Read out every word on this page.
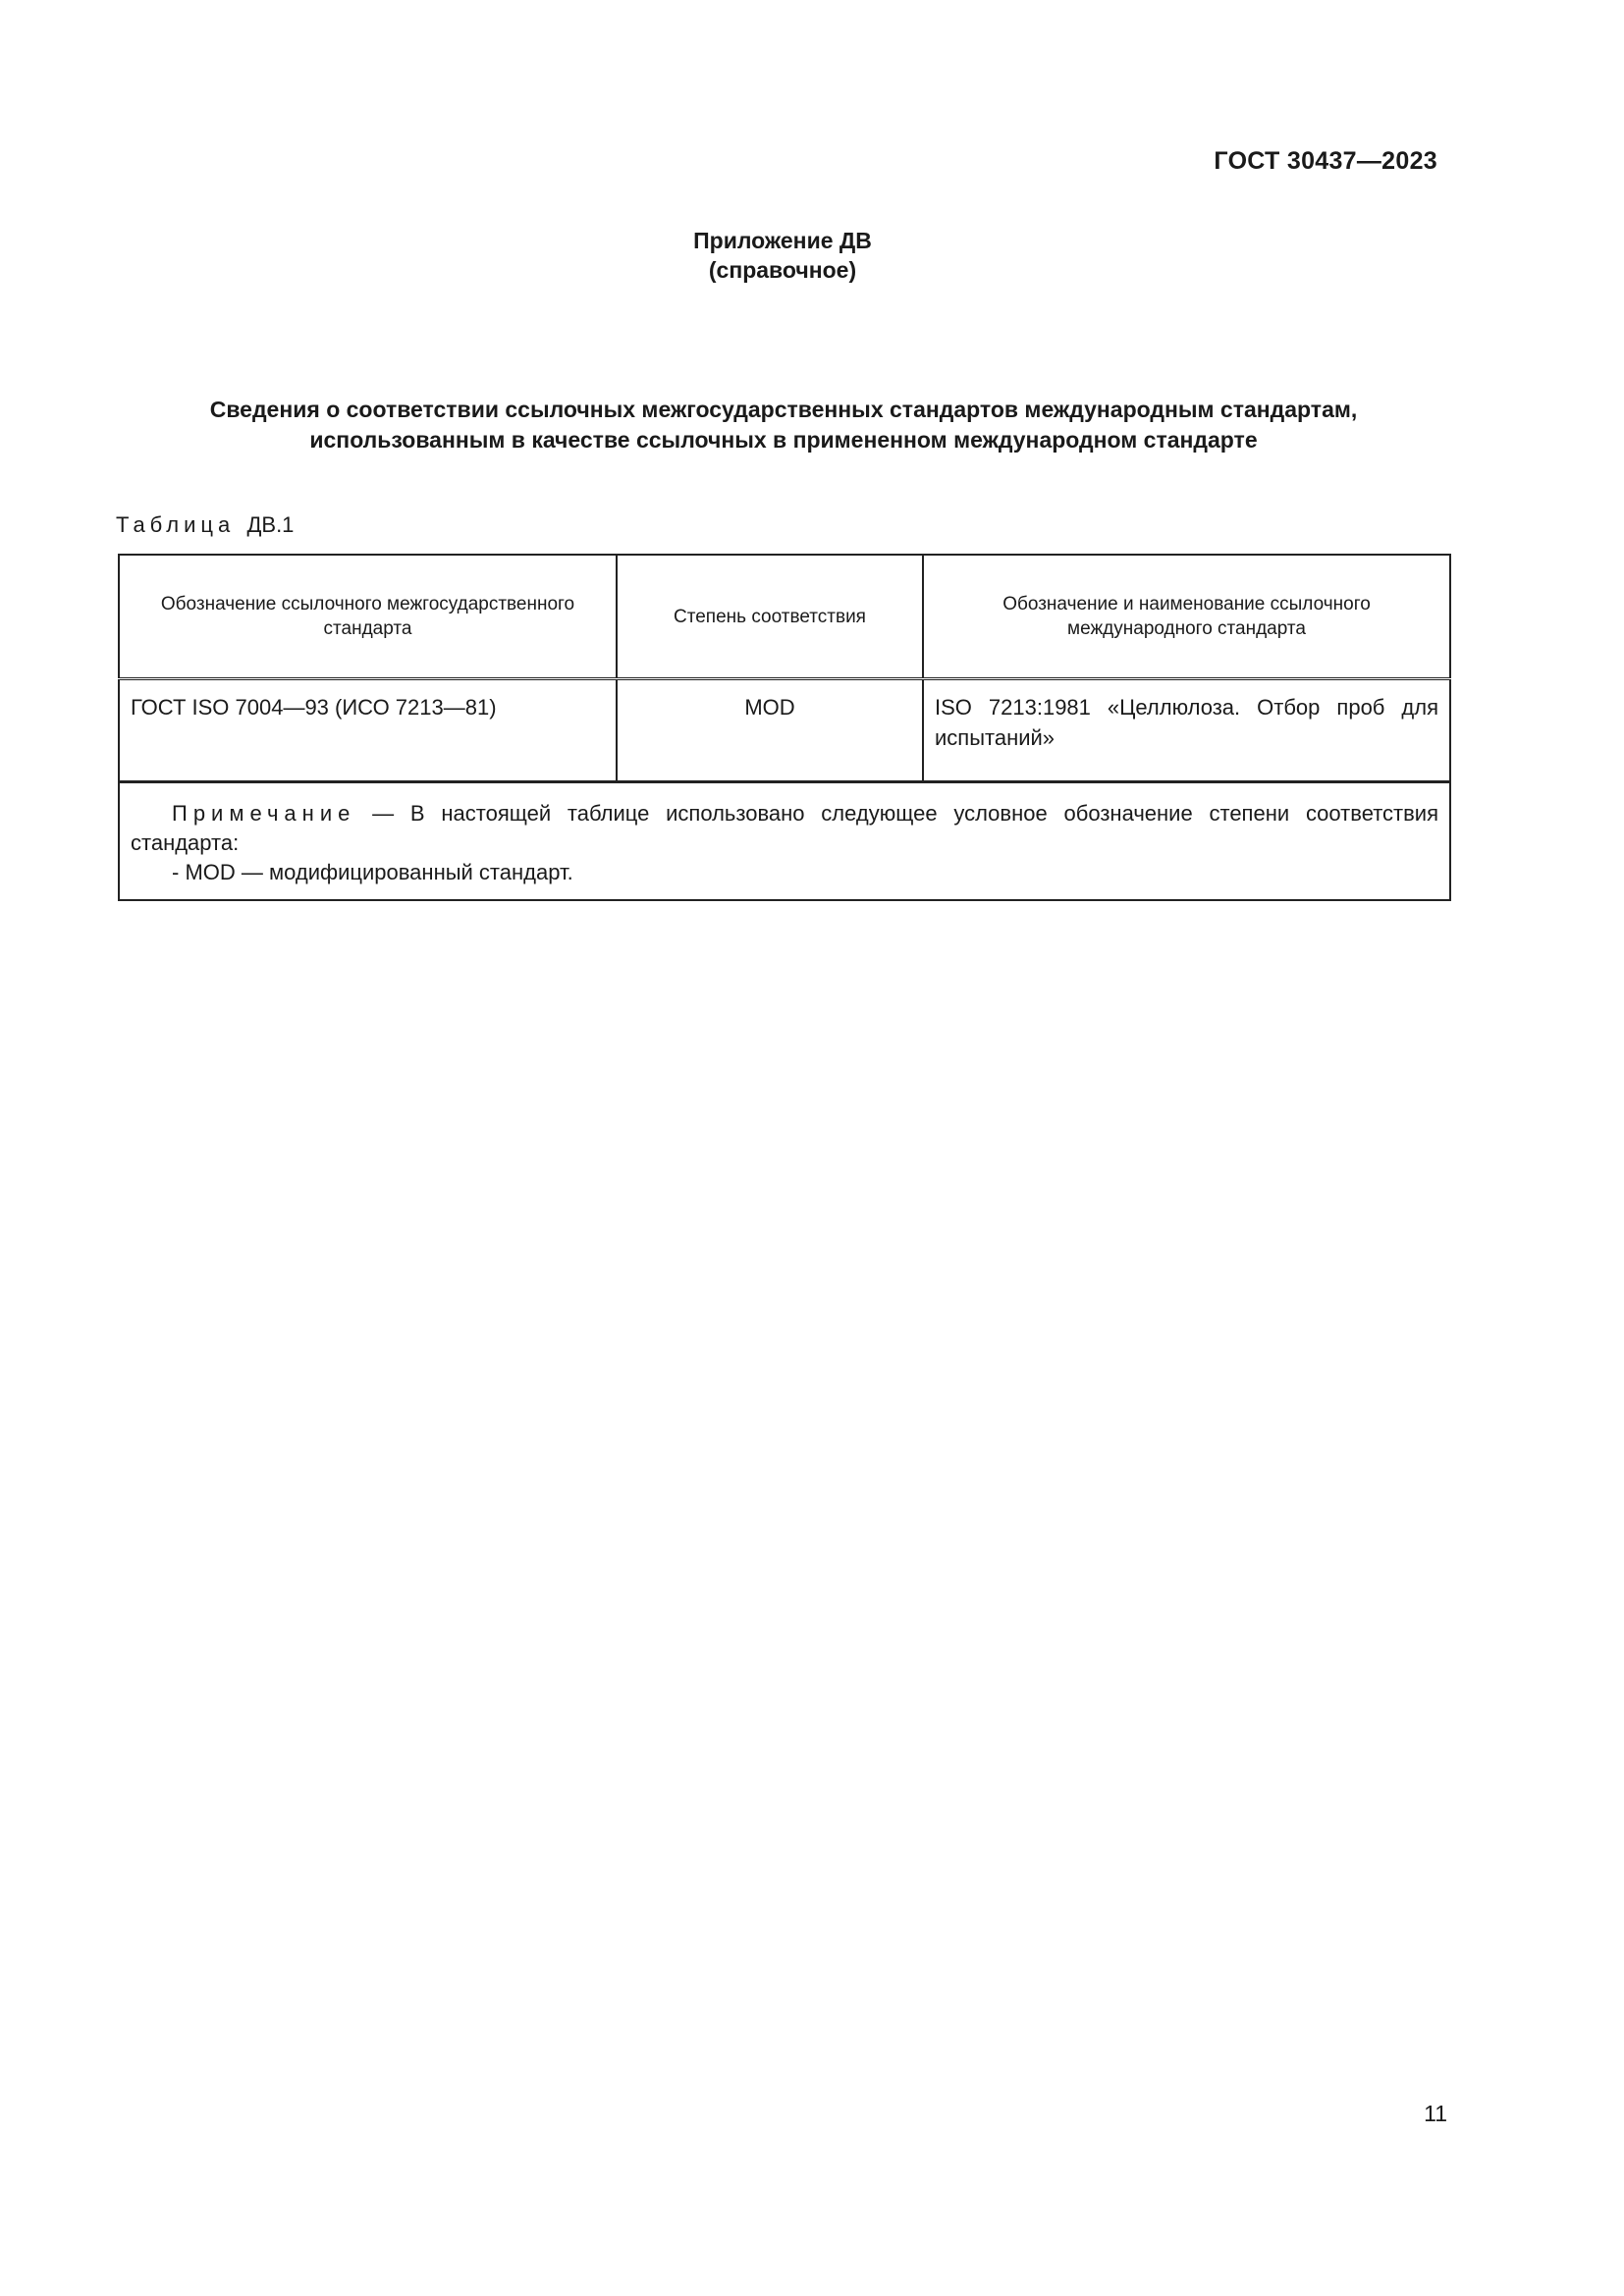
ГОСТ 30437—2023
Приложение ДВ
(справочное)
Сведения о соответствии ссылочных межгосударственных стандартов международным стандартам,
использованным в качестве ссылочных в примененном международном стандарте
Таблица ДВ.1
Обозначение ссылочного межгосударственного стандарта	Степень соответствия	Обозначение и наименование ссылочного международного стандарта
ГОСТ ISO 7004—93 (ИСО 7213—81)	MOD	ISO 7213:1981 «Целлюлоза. Отбор проб для испытаний»

Примечание — В настоящей таблице использовано следующее условное обозначение степени соответствия стандарта:
- MOD — модифицированный стандарт.		
11
